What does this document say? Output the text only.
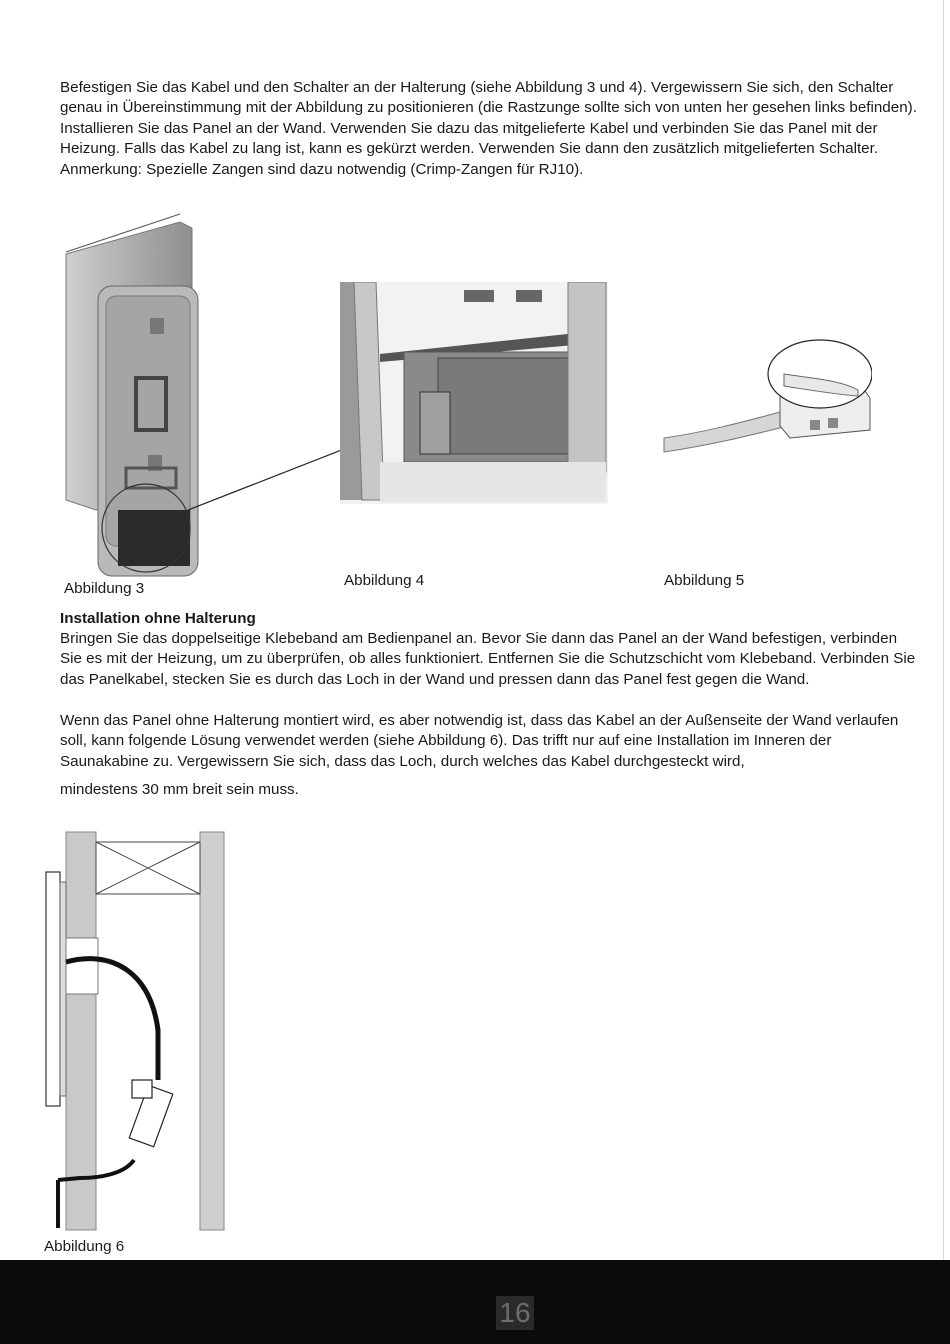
Befestigen Sie das Kabel und den Schalter an der Halterung (siehe Abbildung 3 und 4). Vergewissern Sie sich, den Schalter genau in Übereinstimmung mit der Abbildung zu positionieren (die Rastzunge sollte sich von unten her gesehen links befinden). Installieren Sie das Panel an der Wand. Verwenden Sie dazu das mitgelieferte Kabel und verbinden Sie das Panel mit der Heizung. Falls das Kabel zu lang ist, kann es gekürzt werden. Verwenden Sie dann den zusätzlich mitgelieferten Schalter. Anmerkung: Spezielle Zangen sind dazu notwendig (Crimp-Zangen für RJ10).

Abbildung 3	Abbildung 4	Abbildung 5

Installation ohne Halterung

Bringen Sie das doppelseitige Klebeband am Bedienpanel an. Bevor Sie dann das Panel an der Wand befestigen, verbinden Sie es mit der Heizung, um zu überprüfen, ob alles funktioniert. Entfernen Sie die Schutzschicht vom Klebeband. Verbinden Sie das Panelkabel, stecken Sie es durch das Loch in der Wand und pressen dann das Panel fest gegen die Wand.

Wenn das Panel ohne Halterung montiert wird, es aber notwendig ist, dass das Kabel an der Außenseite der Wand verlaufen soll, kann folgende Lösung verwendet werden (siehe Abbildung 6). Das trifft nur auf eine Installation im Inneren der Saunakabine zu. Vergewissern Sie sich, dass das Loch, durch welches das Kabel durchgesteckt wird,

mindestens 30 mm breit sein muss.

Abbildung 6

16
